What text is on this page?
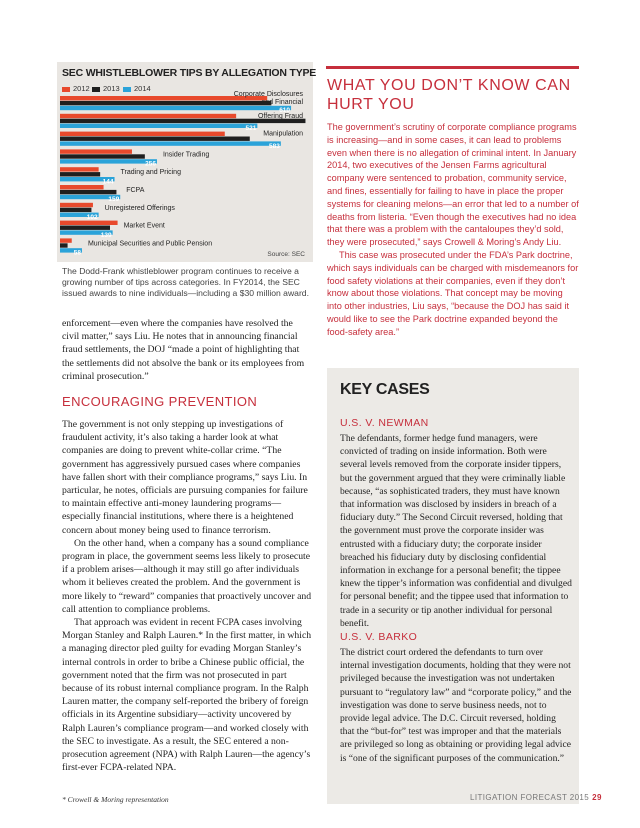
SEC WHISTLEBLOWER TIPS BY ALLEGATION TYPE
2012	2013	2014
610
Corporate Disclosures
and Financial
521
Offering Fraud
583
Manipulation
256
Insider Trading
144
Trading and Pricing
159
FCPA
102
Unregistered Offerings
139
Market Event
58
Municipal Securities and Public Pension
Source: SEC
The Dodd-Frank whistleblower program continues to receive a growing number of tips across categories. In FY2014, the SEC issued awards to nine individuals—including a $30 million award.
enforcement—even where the companies have resolved the civil matter,” says Liu. He notes that in announcing financial fraud settlements, the DOJ “made a point of highlighting that the settlements did not absolve the bank or its employees from criminal prosecution.”
ENCOURAGING PREVENTION

The government is not only stepping up investigations of fraudulent activity, it’s also taking a harder look at what companies are doing to prevent white-collar crime. “The government has aggressively pursued cases where companies have fallen short with their compliance programs,” says Liu. In particular, he notes, officials are pursuing companies for failure to maintain effective anti-money laundering programs—especially financial institutions, where there is a heightened concern about money being used to finance terrorism.

On the other hand, when a company has a sound compliance program in place, the government seems less likely to prosecute if a problem arises—although it may still go after individuals whom it believes created the problem. And the government is more likely to “reward” companies that proactively uncover and call attention to compliance problems.

That approach was evident in recent FCPA cases involving Morgan Stanley and Ralph Lauren.* In the first matter, in which a managing director pled guilty for evading Morgan Stanley’s internal controls in order to bribe a Chinese public official, the government noted that the firm was not prosecuted in part because of its robust internal compliance program. In the Ralph Lauren matter, the company self-reported the bribery of foreign officials in its Argentine subsidiary—activity uncovered by Ralph Lauren’s compliance program—and worked closely with the SEC to investigate. As a result, the SEC entered a non-prosecution agreement (NPA) with Ralph Lauren—the agency’s first-ever FCPA-related NPA.

WHAT YOU DON’T KNOW CAN HURT YOU

The government’s scrutiny of corporate compliance programs is increasing—and in some cases, it can lead to problems even when there is no allegation of criminal intent. In January 2014, two executives of the Jensen Farms agricultural company were sentenced to probation, community service, and fines, essentially for failing to have in place the proper systems for cleaning melons—an error that led to a number of deaths from listeria. “Even though the executives had no idea that there was a problem with the cantaloupes they’d sold, they were prosecuted,” says Crowell & Moring’s Andy Liu.

This case was prosecuted under the FDA’s Park doctrine, which says individuals can be charged with misdemeanors for food safety violations at their companies, even if they don’t know about those violations. That concept may be moving into other industries, Liu says, “because the DOJ has said it would like to see the Park doctrine expanded beyond the food-safety area.”

KEY CASES
U.S. V. NEWMAN
The defendants, former hedge fund managers, were convicted of trading on inside information. Both were several levels removed from the corporate insider tippers, but the government argued that they were criminally liable because, “as sophisticated traders, they must have known that information was disclosed by insiders in breach of a fiduciary duty.” The Second Circuit reversed, holding that the government must prove the corporate insider was entrusted with a fiduciary duty; the corporate insider breached his fiduciary duty by disclosing confidential information in exchange for a personal benefit; the tippee knew the tipper’s information was confidential and divulged for personal benefit; and the tippee used that information to trade in a security or tip another individual for personal benefit.
U.S. V. BARKO
The district court ordered the defendants to turn over internal investigation documents, holding that they were not privileged because the investigation was not undertaken pursuant to “regulatory law” and “corporate policy,” and the investigation was done to serve business needs, not to provide legal advice. The D.C. Circuit reversed, holding that the “but-for” test was improper and that the materials are privileged so long as obtaining or providing legal advice is “one of the significant purposes of the communication.”
* Crowell & Moring representation	LITIGATION FORECAST 2015 29
